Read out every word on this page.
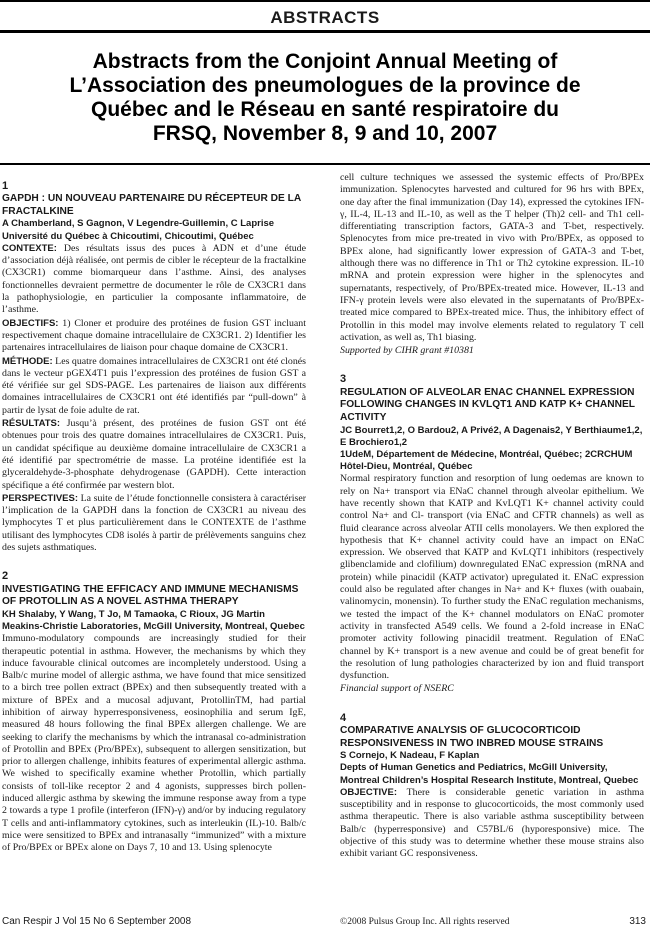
ABSTRACTS
Abstracts from the Conjoint Annual Meeting of L’Association des pneumologues de la province de Québec and le Réseau en santé respiratoire du FRSQ, November 8, 9 and 10, 2007
1
GAPDH : UN NOUVEAU PARTENAIRE DU RÉCEPTEUR DE LA FRACTALKINE
A Chamberland, S Gagnon, V Legendre-Guillemin, C Laprise
Université du Québec à Chicoutimi, Chicoutimi, Québec

CONTEXTE: Des résultats issus des puces à ADN et d’une étude d’association déjà réalisée, ont permis de cibler le récepteur de la fractalkine (CX3CR1) comme biomarqueur dans l’asthme. Ainsi, des analyses fonctionnelles devraient permettre de documenter le rôle de CX3CR1 dans la pathophysiologie, en particulier la composante inflammatoire, de l’asthme.

OBJECTIFS: 1) Cloner et produire des protéines de fusion GST incluant respectivement chaque domaine intracellulaire de CX3CR1. 2) Identifier les partenaires intracellulaires de liaison pour chaque domaine de CX3CR1.

MÉTHODE: Les quatre domaines intracellulaires de CX3CR1 ont été clonés dans le vecteur pGEX4T1 puis l’expression des protéines de fusion GST a été vérifiée sur gel SDS-PAGE. Les partenaires de liaison aux différents domaines intracellulaires de CX3CR1 ont été identifiés par “pull-down” à partir de lysat de foie adulte de rat.

RÉSULTATS: Jusqu’à présent, des protéines de fusion GST ont été obtenues pour trois des quatre domaines intracellulaires de CX3CR1. Puis, un candidat spécifique au deuxième domaine intracellulaire de CX3CR1 a été identifié par spectrométrie de masse. La protéine identifiée est la glyceraldehyde-3-phosphate dehydrogenase (GAPDH). Cette interaction spécifique a été confirmée par western blot.

PERSPECTIVES: La suite de l’étude fonctionnelle consistera à caractériser l’implication de la GAPDH dans la fonction de CX3CR1 au niveau des lymphocytes T et plus particulièrement dans le CONTEXTE de l’asthme utilisant des lymphocytes CD8 isolés à partir de prélèvements sanguins chez des sujets asthmatiques.

2
INVESTIGATING THE EFFICACY AND IMMUNE MECHANISMS OF PROTOLLIN AS A NOVEL ASTHMA THERAPY
KH Shalaby, Y Wang, T Jo, M Tamaoka, C Rioux, JG Martin
Meakins-Christie Laboratories, McGill University, Montreal, Quebec

Immuno-modulatory compounds are increasingly studied for their therapeutic potential in asthma. However, the mechanisms by which they induce favourable clinical outcomes are incompletely understood. Using a Balb/c murine model of allergic asthma, we have found that mice sensitized to a birch tree pollen extract (BPEx) and then subsequently treated with a mixture of BPEx and a mucosal adjuvant, ProtollinTM, had partial inhibition of airway hyperresponsiveness, eosinophilia and serum IgE, measured 48 hours following the final BPEx allergen challenge. We are seeking to clarify the mechanisms by which the intranasal co-administration of Protollin and BPEx (Pro/BPEx), subsequent to allergen sensitization, but prior to allergen challenge, inhibits features of experimental allergic asthma. We wished to specifically examine whether Protollin, which partially consists of toll-like receptor 2 and 4 agonists, suppresses birch pollen-induced allergic asthma by skewing the immune response away from a type 2 towards a type 1 profile (interferon (IFN)-γ) and/or by inducing regulatory T cells and anti-inflammatory cytokines, such as interleukin (IL)-10. Balb/c mice were sensitized to BPEx and intranasally “immunized” with a mixture of Pro/BPEx or BPEx alone on Days 7, 10 and 13. Using splenocyte

cell culture techniques we assessed the systemic effects of Pro/BPEx immunization. Splenocytes harvested and cultured for 96 hrs with BPEx, one day after the final immunization (Day 14), expressed the cytokines IFN-γ, IL-4, IL-13 and IL-10, as well as the T helper (Th)2 cell- and Th1 cell-differentiating transcription factors, GATA-3 and T-bet, respectively. Splenocytes from mice pre-treated in vivo with Pro/BPEx, as opposed to BPEx alone, had significantly lower expression of GATA-3 and T-bet, although there was no difference in Th1 or Th2 cytokine expression. IL-10 mRNA and protein expression were higher in the splenocytes and supernatants, respectively, of Pro/BPEx-treated mice. However, IL-13 and IFN-γ protein levels were also elevated in the supernatants of Pro/BPEx-treated mice compared to BPEx-treated mice. Thus, the inhibitory effect of Protollin in this model may involve elements related to regulatory T cell activation, as well as, Th1 biasing.

Supported by CIHR grant #10381

3
REGULATION OF ALVEOLAR ENAC CHANNEL EXPRESSION FOLLOWING CHANGES IN KVLQT1 AND KATP K+ CHANNEL ACTIVITY
JC Bourret1,2, O Bardou2, A Privé2, A Dagenais2, Y Berthiaume1,2, E Brochiero1,2
1UdeM, Département de Médecine, Montréal, Québec; 2CRCHUM Hôtel-Dieu, Montréal, Québec

Normal respiratory function and resorption of lung oedemas are known to rely on Na+ transport via ENaC channel through alveolar epithelium. We have recently shown that KATP and KvLQT1 K+ channel activity could control Na+ and Cl- transport (via ENaC and CFTR channels) as well as fluid clearance across alveolar ATII cells monolayers. We then explored the hypothesis that K+ channel activity could have an impact on ENaC expression. We observed that KATP and KvLQT1 inhibitors (respectively glibenclamide and clofilium) downregulated ENaC expression (mRNA and protein) while pinacidil (KATP activator) upregulated it. ENaC expression could also be regulated after changes in Na+ and K+ fluxes (with ouabain, valinomycin, monensin). To further study the ENaC regulation mechanisms, we tested the impact of the K+ channel modulators on ENaC promoter activity in transfected A549 cells. We found a 2-fold increase in ENaC promoter activity following pinacidil treatment. Regulation of ENaC channel by K+ transport is a new avenue and could be of great benefit for the resolution of lung pathologies characterized by ion and fluid transport dysfunction.

Financial support of NSERC

4
COMPARATIVE ANALYSIS OF GLUCOCORTICOID RESPONSIVENESS IN TWO INBRED MOUSE STRAINS
S Cornejo, K Nadeau, F Kaplan
Depts of Human Genetics and Pediatrics, McGill University, Montreal Children’s Hospital Research Institute, Montreal, Quebec

OBJECTIVE: There is considerable genetic variation in asthma susceptibility and in response to glucocorticoids, the most commonly used asthma therapeutic. There is also variable asthma susceptibility between Balb/c (hyperresponsive) and C57BL/6 (hyporesponsive) mice. The objective of this study was to determine whether these mouse strains also exhibit variant GC responsiveness.

Can Respir J Vol 15 No 6 September 2008	©2008 Pulsus Group Inc. All rights reserved	313
